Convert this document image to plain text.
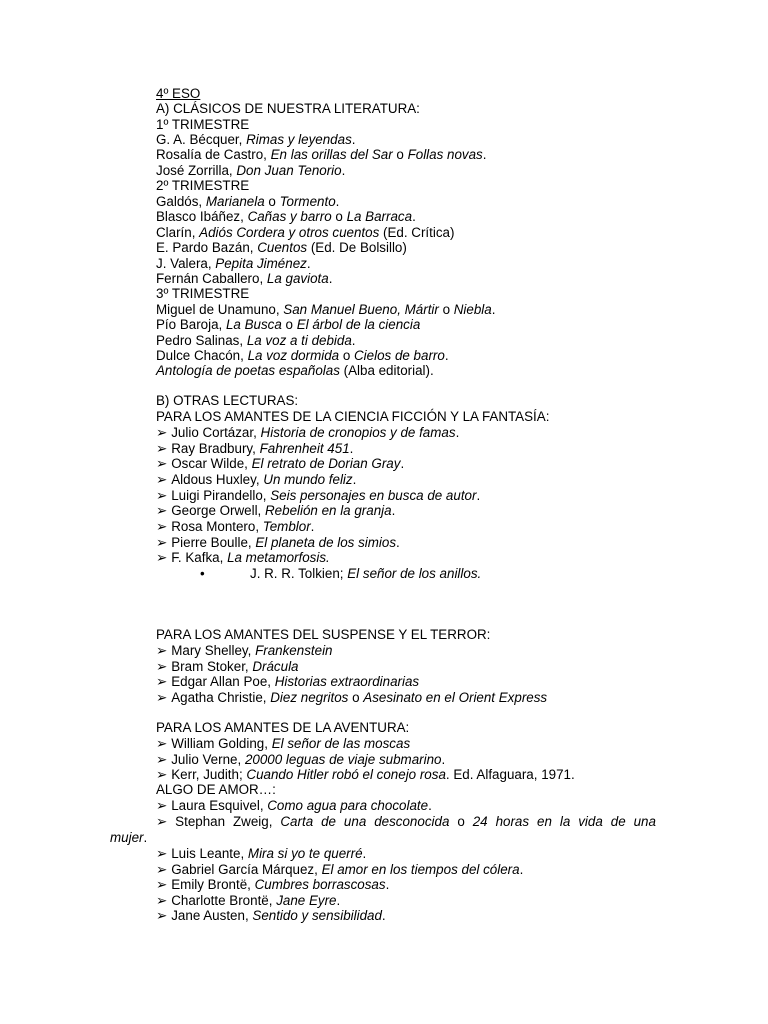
4º ESO
A) CLÁSICOS DE NUESTRA LITERATURA:
1º TRIMESTRE
G. A. Bécquer, Rimas y leyendas.
Rosalía de Castro, En las orillas del Sar o Follas novas.
José Zorrilla, Don Juan Tenorio.
2º TRIMESTRE
Galdós, Marianela o Tormento.
Blasco Ibáñez, Cañas y barro o La Barraca.
Clarín, Adiós Cordera y otros cuentos (Ed. Crítica)
E. Pardo Bazán, Cuentos (Ed. De Bolsillo)
J. Valera, Pepita Jiménez.
Fernán Caballero, La gaviota.
3º TRIMESTRE
Miguel de Unamuno, San Manuel Bueno, Mártir o Niebla.
Pío Baroja, La Busca o El árbol de la ciencia
Pedro Salinas, La voz a ti debida.
Dulce Chacón, La voz dormida o Cielos de barro.
Antología de poetas españolas (Alba editorial).
B) OTRAS LECTURAS:
PARA LOS AMANTES DE LA CIENCIA FICCIÓN Y LA FANTASÍA:
➢ Julio Cortázar, Historia de cronopios y de famas.
➢ Ray Bradbury, Fahrenheit 451.
➢ Oscar Wilde, El retrato de Dorian Gray.
➢ Aldous Huxley, Un mundo feliz.
➢ Luigi Pirandello, Seis personajes en busca de autor.
➢ George Orwell, Rebelión en la granja.
➢ Rosa Montero, Temblor.
➢ Pierre Boulle, El planeta de los simios.
➢ F. Kafka, La metamorfosis.
•	J. R. R. Tolkien; El señor de los anillos.
PARA LOS AMANTES DEL SUSPENSE Y EL TERROR:
➢ Mary Shelley, Frankenstein
➢ Bram Stoker, Drácula
➢ Edgar Allan Poe, Historias extraordinarias
➢ Agatha Christie, Diez negritos o Asesinato en el Orient Express
PARA LOS AMANTES DE LA AVENTURA:
➢ William Golding, El señor de las moscas
➢ Julio Verne, 20000 leguas de viaje submarino.
➢ Kerr, Judith; Cuando Hitler robó el conejo rosa. Ed. Alfaguara, 1971.
ALGO DE AMOR…:
➢ Laura Esquivel, Como agua para chocolate.
➢ Stephan Zweig, Carta de una desconocida o 24 horas en la vida de una
mujer.
➢ Luis Leante, Mira si yo te querré.
➢ Gabriel García Márquez, El amor en los tiempos del cólera.
➢ Emily Brontë, Cumbres borrascosas.
➢ Charlotte Brontë, Jane Eyre.
➢ Jane Austen, Sentido y sensibilidad.
